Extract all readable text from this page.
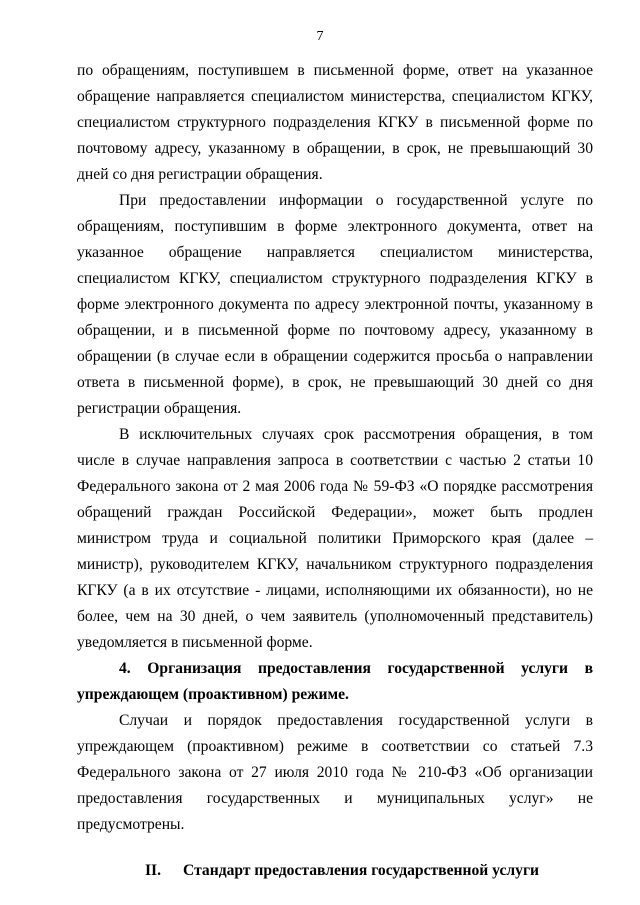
7

по обращениям, поступившем в письменной форме, ответ на указанное обращение направляется специалистом министерства, специалистом КГКУ, специалистом структурного подразделения КГКУ в письменной форме по почтовому адресу, указанному в обращении, в срок, не превышающий 30 дней со дня регистрации обращения.

При предоставлении информации о государственной услуге по обращениям, поступившим в форме электронного документа, ответ на указанное обращение направляется специалистом министерства, специалистом КГКУ, специалистом структурного подразделения КГКУ в форме электронного документа по адресу электронной почты, указанному в обращении, и в письменной форме по почтовому адресу, указанному в обращении (в случае если в обращении содержится просьба о направлении ответа в письменной форме), в срок, не превышающий 30 дней со дня регистрации обращения.

В исключительных случаях срок рассмотрения обращения, в том числе в случае направления запроса в соответствии с частью 2 статьи 10 Федерального закона от 2 мая 2006 года № 59-ФЗ «О порядке рассмотрения обращений граждан Российской Федерации», может быть продлен министром труда и социальной политики Приморского края (далее – министр), руководителем КГКУ, начальником структурного подразделения КГКУ (а в их отсутствие - лицами, исполняющими их обязанности), но не более, чем на 30 дней, о чем заявитель (уполномоченный представитель) уведомляется в письменной форме.

4. Организация предоставления государственной услуги в упреждающем (проактивном) режиме.

Случаи и порядок предоставления государственной услуги в упреждающем (проактивном) режиме в соответствии со статьей 7.3 Федерального закона от 27 июля 2010 года № 210-ФЗ «Об организации предоставления государственных и муниципальных услуг» не предусмотрены.

II. Стандарт предоставления государственной услуги
